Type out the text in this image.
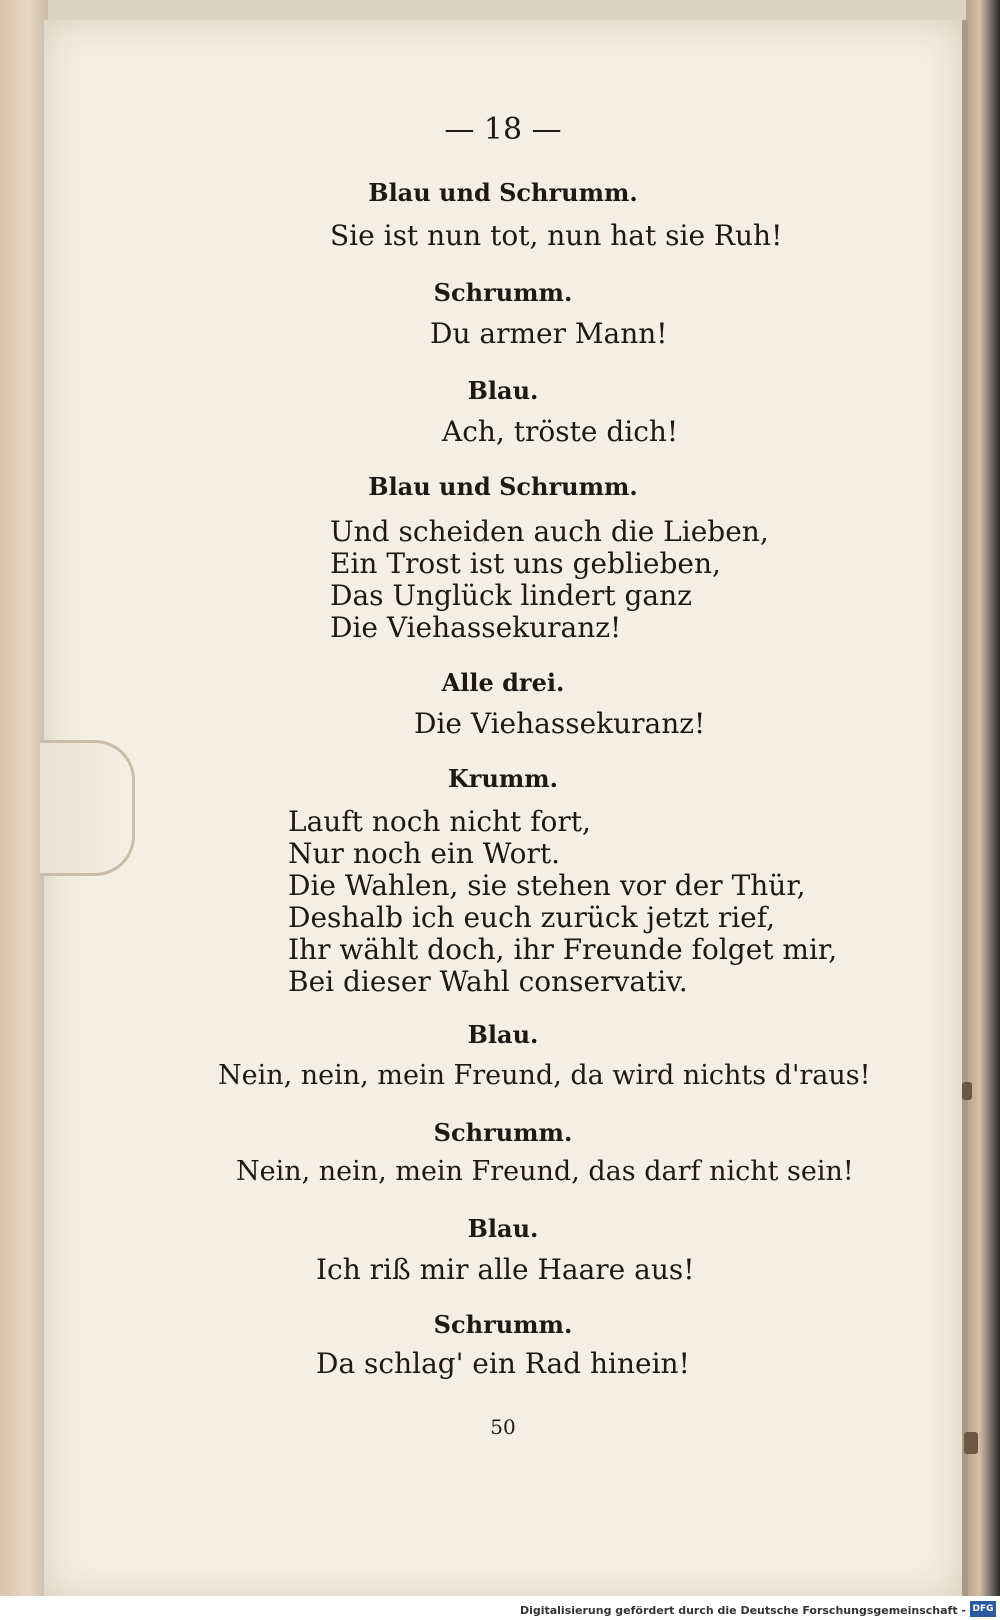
— 18 —
Blau und Schrumm.
Sie ist nun tot, nun hat sie Ruh!
Schrumm.
Du armer Mann!
Blau.
Ach, tröste dich!
Blau und Schrumm.
Und scheiden auch die Lieben,
Ein Trost ist uns geblieben,
Das Unglück lindert ganz
Die Viehassekuranz!
Alle drei.
Die Viehassekuranz!
Krumm.
Lauft noch nicht fort,
Nur noch ein Wort.
Die Wahlen, sie stehen vor der Thür,
Deshalb ich euch zurück jetzt rief,
Ihr wählt doch, ihr Freunde folget mir,
Bei dieser Wahl conservativ.
Blau.
Nein, nein, mein Freund, da wird nichts d'raus!
Schrumm.
Nein, nein, mein Freund, das darf nicht sein!
Blau.
Ich riß mir alle Haare aus!
Schrumm.
Da schlag' ein Rad hinein!
50
Digitalisierung gefördert durch die Deutsche Forschungsgemeinschaft - DFG
